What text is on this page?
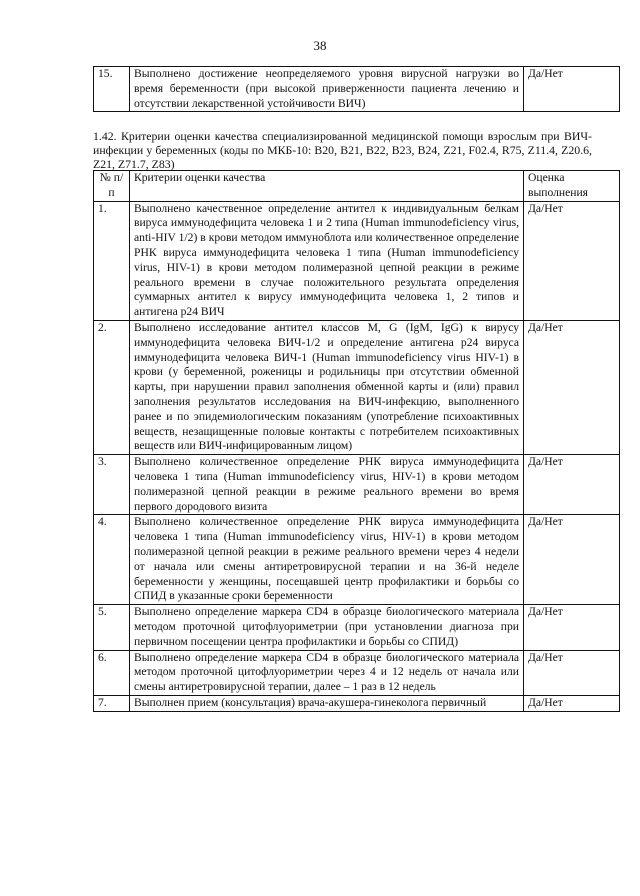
38
15.	Выполнено достижение неопределяемого уровня вирусной нагрузки во время беременности (при высокой приверженности пациента лечению и отсутствии лекарственной устойчивости ВИЧ)	Да/Нет
1.42. Критерии оценки качества специализированной медицинской помощи взрослым при ВИЧ-инфекции у беременных (коды по МКБ-10: B20, B21, B22, B23, B24, Z21, F02.4, R75, Z11.4, Z20.6, Z21, Z71.7, Z83)
№ п/п	Критерии оценки качества	Оценка выполнения
1.	Выполнено качественное определение антител к индивидуальным белкам вируса иммунодефицита человека 1 и 2 типа (Human immunodeficiency virus, anti-HIV 1/2) в крови методом иммуноблота или количественное определение РНК вируса иммунодефицита человека 1 типа (Human immunodeficiency virus, HIV-1) в крови методом полимеразной цепной реакции в режиме реального времени в случае положительного результата определения суммарных антител к вирусу иммунодефицита человека 1, 2 типов и антигена p24 ВИЧ	Да/Нет
2.	Выполнено исследование антител классов M, G (IgM, IgG) к вирусу иммунодефицита человека ВИЧ-1/2 и определение антигена p24 вируса иммунодефицита человека ВИЧ-1 (Human immunodeficiency virus HIV-1) в крови (у беременной, роженицы и родильницы при отсутствии обменной карты, при нарушении правил заполнения обменной карты и (или) правил заполнения результатов исследования на ВИЧ-инфекцию, выполненного ранее и по эпидемиологическим показаниям (употребление психоактивных веществ, незащищенные половые контакты с потребителем психоактивных веществ или ВИЧ-инфицированным лицом)	Да/Нет
3.	Выполнено количественное определение РНК вируса иммунодефицита человека 1 типа (Human immunodeficiency virus, HIV-1) в крови методом полимеразной цепной реакции в режиме реального времени во время первого дородового визита	Да/Нет
4.	Выполнено количественное определение РНК вируса иммунодефицита человека 1 типа (Human immunodeficiency virus, HIV-1) в крови методом полимеразной цепной реакции в режиме реального времени через 4 недели от начала или смены антиретровирусной терапии и на 36-й неделе беременности у женщины, посещавшей центр профилактики и борьбы со СПИД в указанные сроки беременности	Да/Нет
5.	Выполнено определение маркера CD4 в образце биологического материала методом проточной цитофлуориметрии (при установлении диагноза при первичном посещении центра профилактики и борьбы со СПИД)	Да/Нет
6.	Выполнено определение маркера CD4 в образце биологического материала методом проточной цитофлуориметрии через 4 и 12 недель от начала или смены антиретровирусной терапии, далее – 1 раз в 12 недель	Да/Нет
7.	Выполнен прием (консультация) врача-акушера-гинеколога первичный	Да/Нет
